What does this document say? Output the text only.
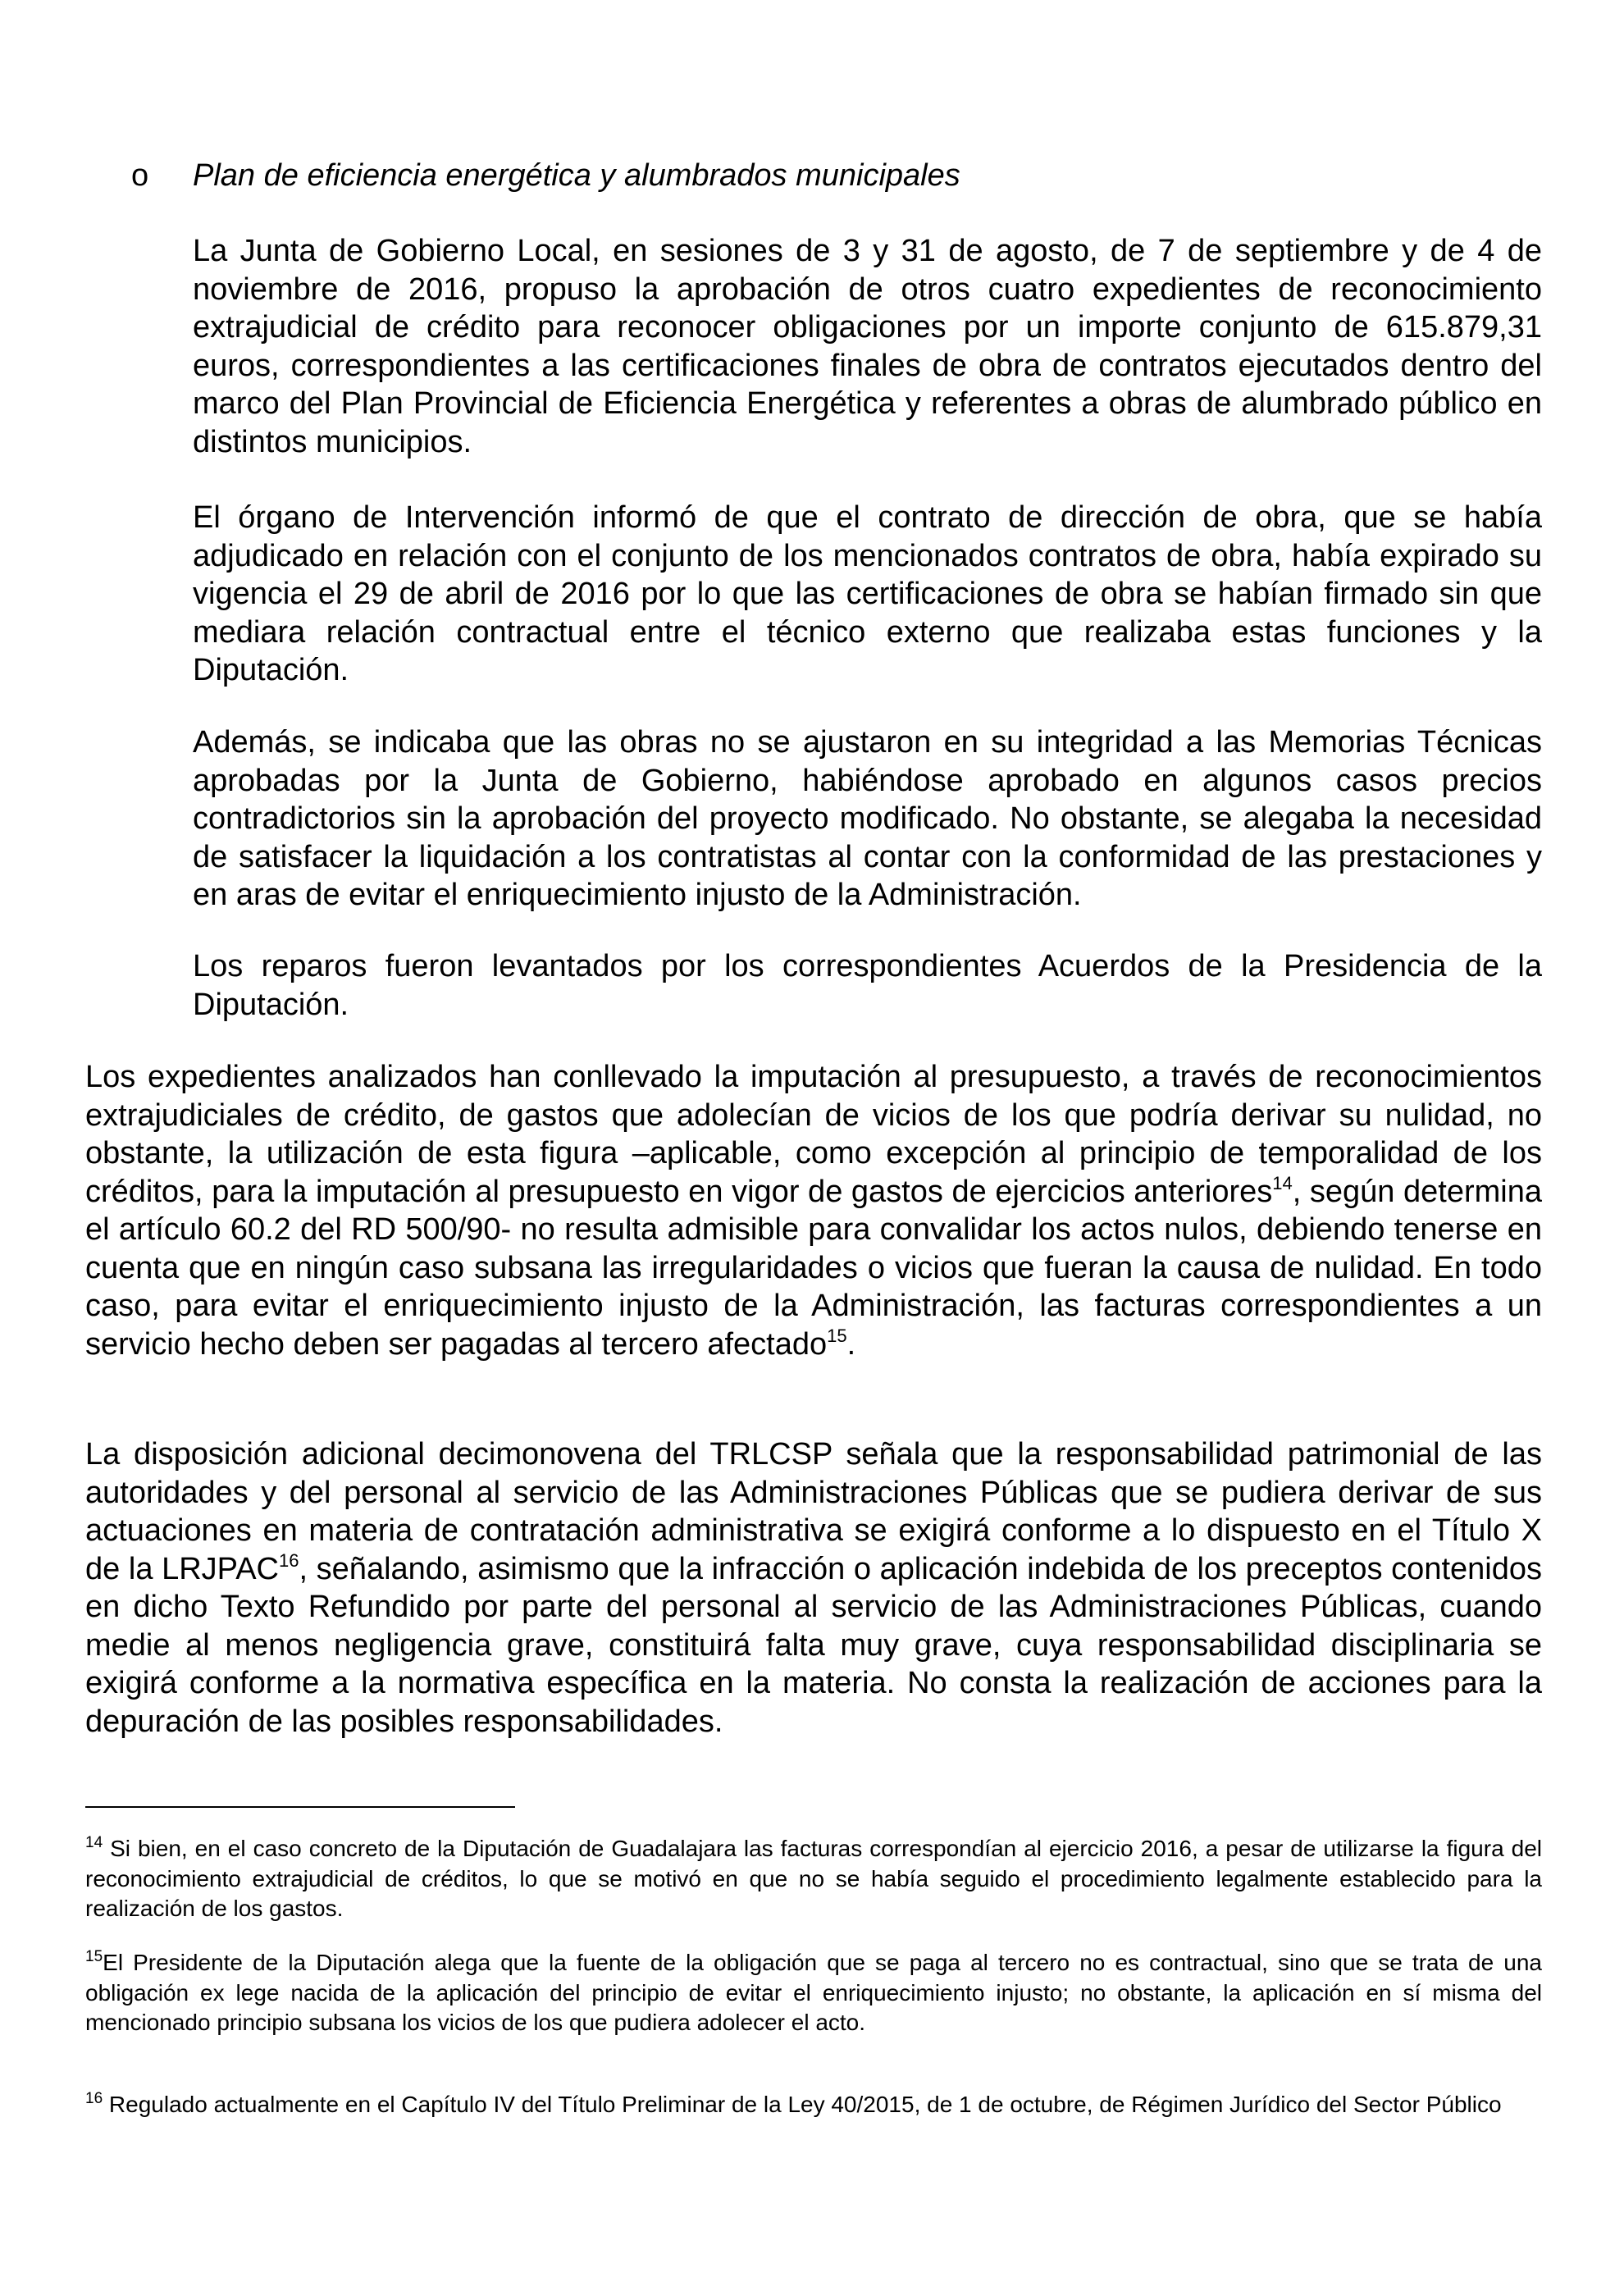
o	Plan de eficiencia energética y alumbrados municipales

La Junta de Gobierno Local, en sesiones de 3 y 31 de agosto, de 7 de septiembre y de 4 de noviembre de 2016, propuso la aprobación de otros cuatro expedientes de reconocimiento extrajudicial de crédito para reconocer obligaciones por un importe conjunto de 615.879,31 euros, correspondientes a las certificaciones finales de obra de contratos ejecutados dentro del marco del Plan Provincial de Eficiencia Energética y referentes a obras de alumbrado público en distintos municipios.

El órgano de Intervención informó de que el contrato de dirección de obra, que se había adjudicado en relación con el conjunto de los mencionados contratos de obra, había expirado su vigencia el 29 de abril de 2016 por lo que las certificaciones de obra se habían firmado sin que mediara relación contractual entre el técnico externo que realizaba estas funciones y la Diputación.

Además, se indicaba que las obras no se ajustaron en su integridad a las Memorias Técnicas aprobadas por la Junta de Gobierno, habiéndose aprobado en algunos casos precios contradictorios sin la aprobación del proyecto modificado. No obstante, se alegaba la necesidad de satisfacer la liquidación a los contratistas al contar con la conformidad de las prestaciones y en aras de evitar el enriquecimiento injusto de la Administración.

Los reparos fueron levantados por los correspondientes Acuerdos de la Presidencia de la Diputación.

Los expedientes analizados han conllevado la imputación al presupuesto, a través de reconocimientos extrajudiciales de crédito, de gastos que adolecían de vicios de los que podría derivar su nulidad, no obstante, la utilización de esta figura –aplicable, como excepción al principio de temporalidad de los créditos, para la imputación al presupuesto en vigor de gastos de ejercicios anteriores$^{14}$, según determina el artículo 60.2 del RD 500/90- no resulta admisible para convalidar los actos nulos, debiendo tenerse en cuenta que en ningún caso subsana las irregularidades o vicios que fueran la causa de nulidad. En todo caso, para evitar el enriquecimiento injusto de la Administración, las facturas correspondientes a un servicio hecho deben ser pagadas al tercero afectado$^{15}$.

La disposición adicional decimonovena del TRLCSP señala que la responsabilidad patrimonial de las autoridades y del personal al servicio de las Administraciones Públicas que se pudiera derivar de sus actuaciones en materia de contratación administrativa se exigirá conforme a lo dispuesto en el Título X de la LRJPAC$^{16}$, señalando, asimismo que la infracción o aplicación indebida de los preceptos contenidos en dicho Texto Refundido por parte del personal al servicio de las Administraciones Públicas, cuando medie al menos negligencia grave, constituirá falta muy grave, cuya responsabilidad disciplinaria se exigirá conforme a la normativa específica en la materia. No consta la realización de acciones para la depuración de las posibles responsabilidades.

$^{14}$ Si bien, en el caso concreto de la Diputación de Guadalajara las facturas correspondían al ejercicio 2016, a pesar de utilizarse la figura del reconocimiento extrajudicial de créditos, lo que se motivó en que no se había seguido el procedimiento legalmente establecido para la realización de los gastos.

$^{15}$El Presidente de la Diputación alega que la fuente de la obligación que se paga al tercero no es contractual, sino que se trata de una obligación ex lege nacida de la aplicación del principio de evitar el enriquecimiento injusto; no obstante, la aplicación en sí misma del mencionado principio subsana los vicios de los que pudiera adolecer el acto.

$^{16}$ Regulado actualmente en el Capítulo IV del Título Preliminar de la Ley 40/2015, de 1 de octubre, de Régimen Jurídico del Sector Público
